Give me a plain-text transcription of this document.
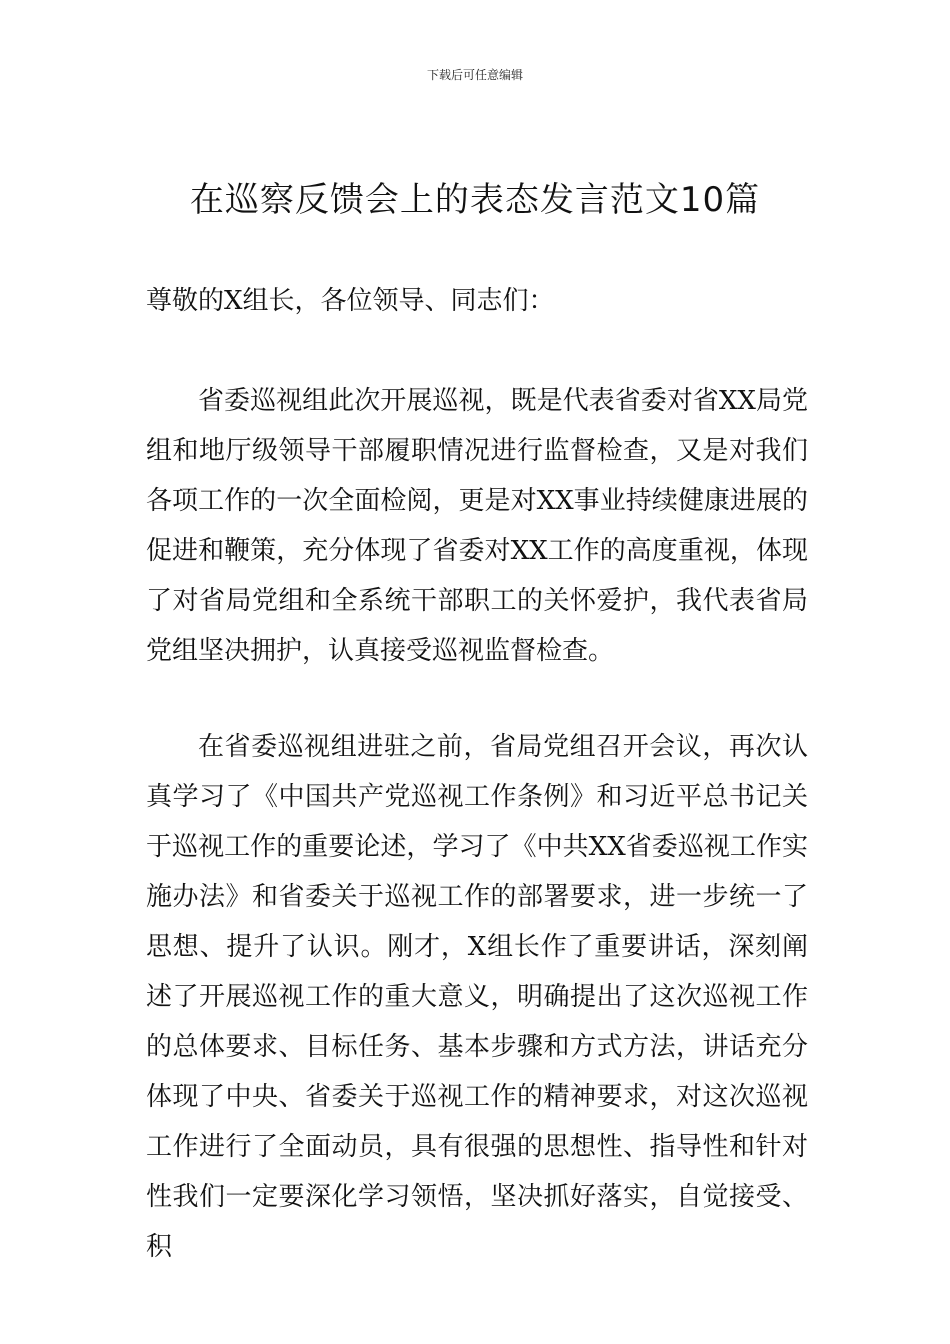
下载后可任意编辑
在巡察反馈会上的表态发言范文10篇

尊敬的X组长，各位领导、同志们：

省委巡视组此次开展巡视，既是代表省委对省XX局党组和地厅级领导干部履职情况进行监督检查，又是对我们各项工作的一次全面检阅，更是对XX事业持续健康进展的促进和鞭策，充分体现了省委对XX工作的高度重视，体现了对省局党组和全系统干部职工的关怀爱护，我代表省局党组坚决拥护，认真接受巡视监督检查。

在省委巡视组进驻之前，省局党组召开会议，再次认真学习了《中国共产党巡视工作条例》和习近平总书记关于巡视工作的重要论述，学习了《中共XX省委巡视工作实施办法》和省委关于巡视工作的部署要求，进一步统一了思想、提升了认识。刚才，X组长作了重要讲话，深刻阐述了开展巡视工作的重大意义，明确提出了这次巡视工作的总体要求、目标任务、基本步骤和方式方法，讲话充分体现了中央、省委关于巡视工作的精神要求，对这次巡视工作进行了全面动员，具有很强的思想性、指导性和针对性我们一定要深化学习领悟，坚决抓好落实，自觉接受、积
